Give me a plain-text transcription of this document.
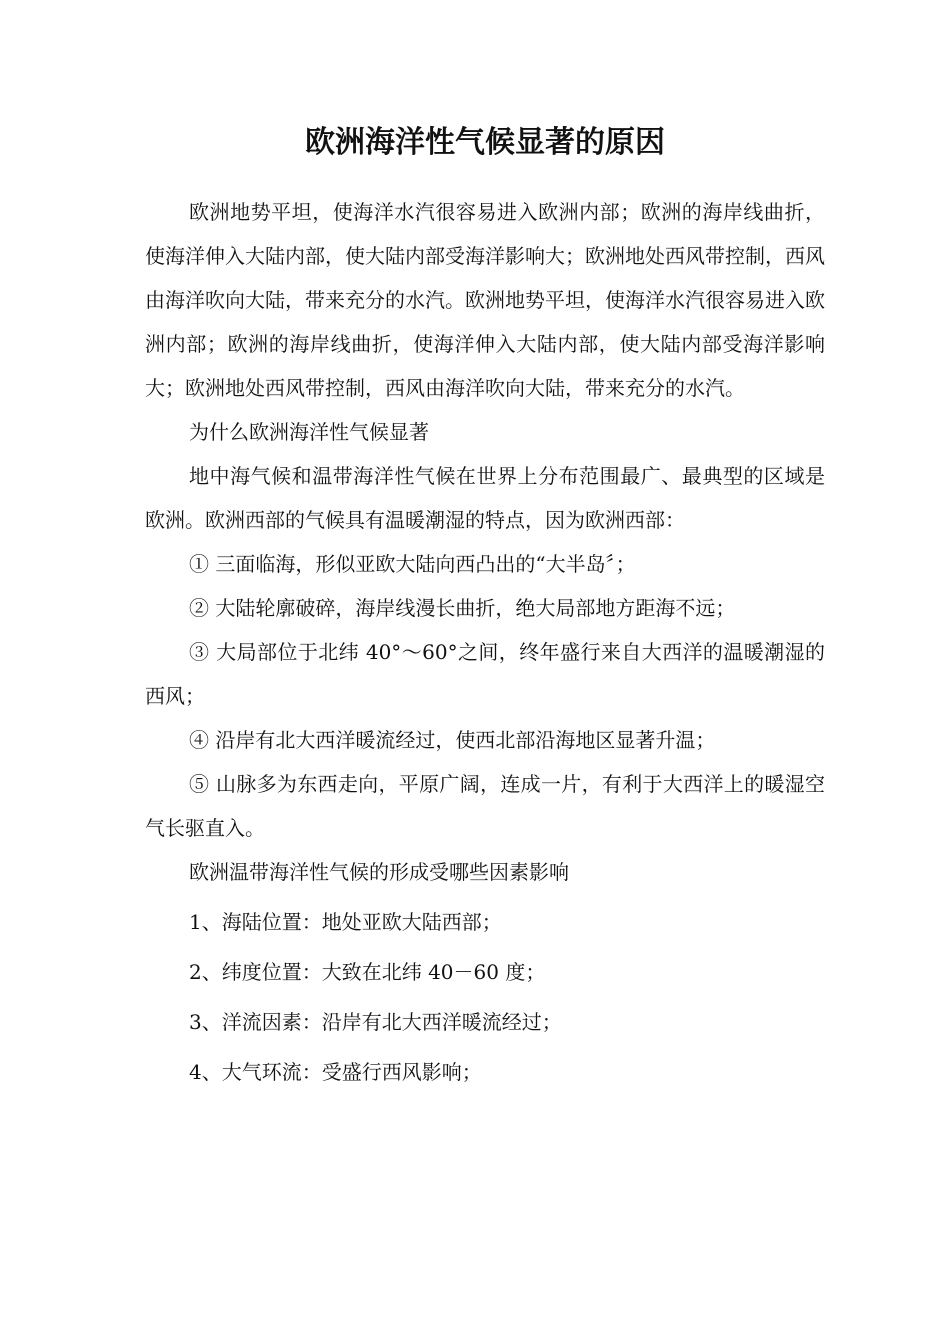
欧洲海洋性气候显著的原因

欧洲地势平坦，使海洋水汽很容易进入欧洲内部；欧洲的海岸线曲折，使海洋伸入大陆内部，使大陆内部受海洋影响大；欧洲地处西风带控制，西风由海洋吹向大陆，带来充分的水汽。欧洲地势平坦，使海洋水汽很容易进入欧洲内部；欧洲的海岸线曲折，使海洋伸入大陆内部，使大陆内部受海洋影响大；欧洲地处西风带控制，西风由海洋吹向大陆，带来充分的水汽。

为什么欧洲海洋性气候显著

地中海气候和温带海洋性气候在世界上分布范围最广、最典型的区域是欧洲。欧洲西部的气候具有温暖潮湿的特点，因为欧洲西部：

① 三面临海，形似亚欧大陆向西凸出的“大半岛〞；

② 大陆轮廓破碎，海岸线漫长曲折，绝大局部地方距海不远；

③ 大局部位于北纬 40°～60°之间，终年盛行来自大西洋的温暖潮湿的西风；

④ 沿岸有北大西洋暖流经过，使西北部沿海地区显著升温；

⑤ 山脉多为东西走向，平原广阔，连成一片，有利于大西洋上的暖湿空气长驱直入。

欧洲温带海洋性气候的形成受哪些因素影响

1、海陆位置：地处亚欧大陆西部；

2、纬度位置：大致在北纬 40－60 度；

3、洋流因素：沿岸有北大西洋暖流经过；

4、大气环流：受盛行西风影响；
